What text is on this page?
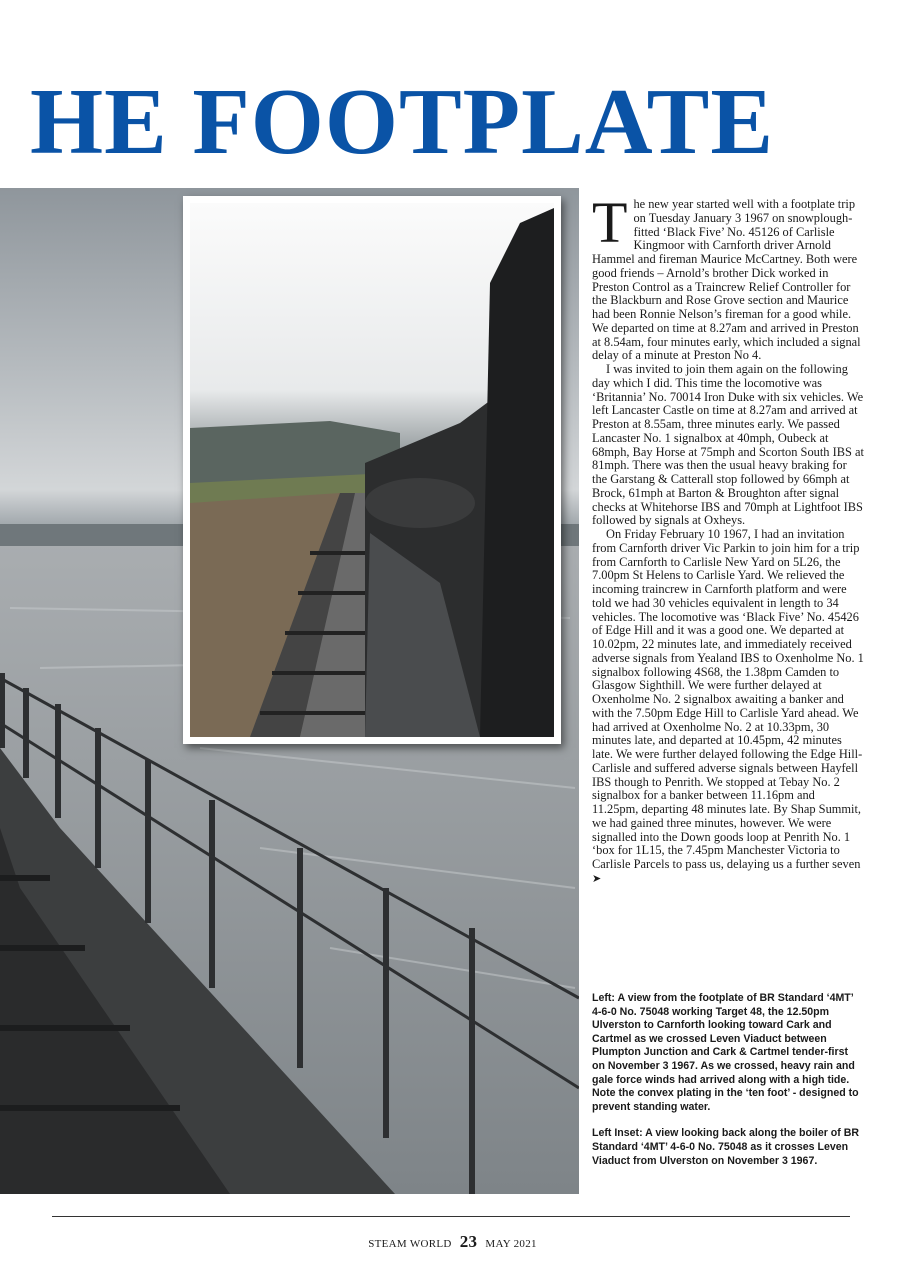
HE FOOTPLATE

The new year started well with a footplate trip on Tuesday January 3 1967 on snowplough-fitted ‘Black Five’ No. 45126 of Carlisle Kingmoor with Carnforth driver Arnold Hammel and fireman Maurice McCartney. Both were good friends – Arnold’s brother Dick worked in Preston Control as a Traincrew Relief Controller for the Blackburn and Rose Grove section and Maurice had been Ronnie Nelson’s fireman for a good while. We departed on time at 8.27am and arrived in Preston at 8.54am, four minutes early, which included a signal delay of a minute at Preston No 4.

I was invited to join them again on the following day which I did. This time the locomotive was ‘Britannia’ No. 70014 Iron Duke with six vehicles. We left Lancaster Castle on time at 8.27am and arrived at Preston at 8.55am, three minutes early. We passed Lancaster No. 1 signalbox at 40mph, Oubeck at 68mph, Bay Horse at 75mph and Scorton South IBS at 81mph. There was then the usual heavy braking for the Garstang & Catterall stop followed by 66mph at Brock, 61mph at Barton & Broughton after signal checks at Whitehorse IBS and 70mph at Lightfoot IBS followed by signals at Oxheys.

On Friday February 10 1967, I had an invitation from Carnforth driver Vic Parkin to join him for a trip from Carnforth to Carlisle New Yard on 5L26, the 7.00pm St Helens to Carlisle Yard. We relieved the incoming traincrew in Carnforth platform and were told we had 30 vehicles equivalent in length to 34 vehicles. The locomotive was ‘Black Five’ No. 45426 of Edge Hill and it was a good one. We departed at 10.02pm, 22 minutes late, and immediately received adverse signals from Yealand IBS to Oxenholme No. 1 signalbox following 4S68, the 1.38pm Camden to Glasgow Sighthill. We were further delayed at Oxenholme No. 2 signalbox awaiting a banker and with the 7.50pm Edge Hill to Carlisle Yard ahead. We had arrived at Oxenholme No. 2 at 10.33pm, 30 minutes late, and departed at 10.45pm, 42 minutes late. We were further delayed following the Edge Hill-Carlisle and suffered adverse signals between Hayfell IBS though to Penrith. We stopped at Tebay No. 2 signalbox for a banker between 11.16pm and 11.25pm, departing 48 minutes late. By Shap Summit, we had gained three minutes, however. We were signalled into the Down goods loop at Penrith No. 1 ‘box for 1L15, the 7.45pm Manchester Victoria to Carlisle Parcels to pass us, delaying us a further seven ➤

Left: A view from the footplate of BR Standard ‘4MT’ 4-6-0 No. 75048 working Target 48, the 12.50pm Ulverston to Carnforth looking toward Cark and Cartmel as we crossed Leven Viaduct between Plumpton Junction and Cark & Cartmel tender-first on November 3 1967. As we crossed, heavy rain and gale force winds had arrived along with a high tide. Note the convex plating in the ‘ten foot’ - designed to prevent standing water.

Left Inset: A view looking back along the boiler of BR Standard ‘4MT’ 4-6-0 No. 75048 as it crosses Leven Viaduct from Ulverston on November 3 1967.

STEAM WORLD 23 MAY 2021
